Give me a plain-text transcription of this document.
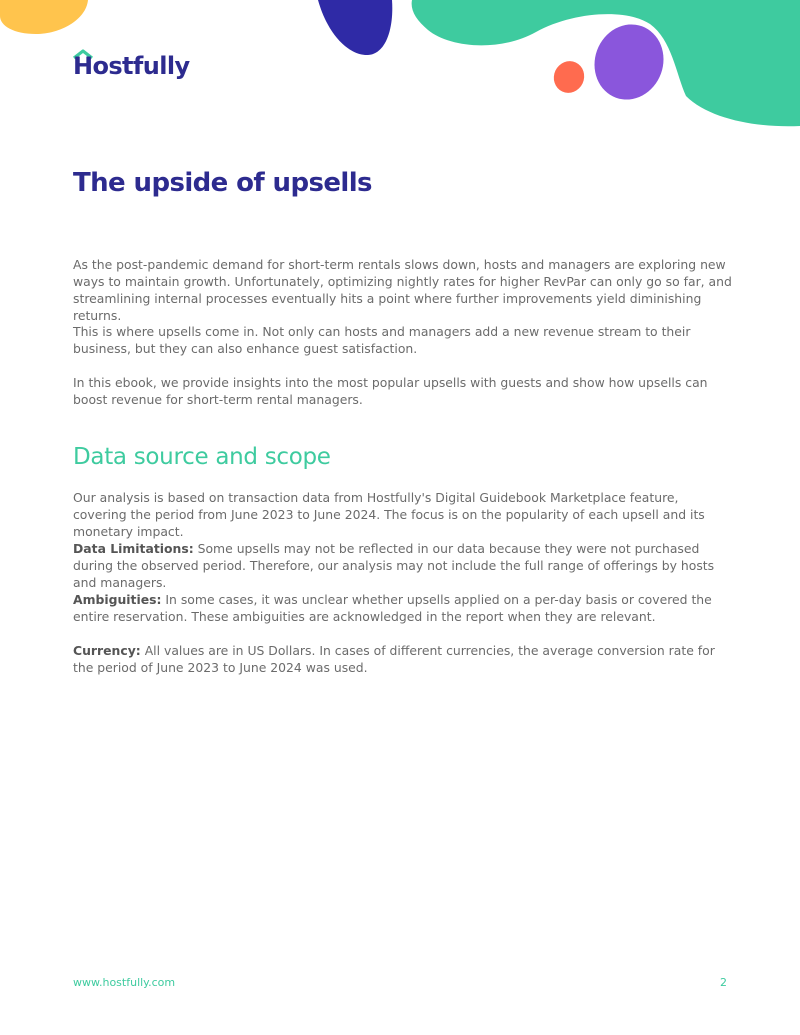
Hostfully
The upside of upsells

As the post-pandemic demand for short-term rentals slows down, hosts and managers are exploring new ways to maintain growth. Unfortunately, optimizing nightly rates for higher RevPar can only go so far, and streamlining internal processes eventually hits a point where further improvements yield diminishing returns.

This is where upsells come in. Not only can hosts and managers add a new revenue stream to their business, but they can also enhance guest satisfaction.

In this ebook, we provide insights into the most popular upsells with guests and show how upsells can boost revenue for short-term rental managers.

Data source and scope

Our analysis is based on transaction data from Hostfully's Digital Guidebook Marketplace feature, covering the period from June 2023 to June 2024. The focus is on the popularity of each upsell and its monetary impact.

Data Limitations: Some upsells may not be reflected in our data because they were not purchased during the observed period. Therefore, our analysis may not include the full range of offerings by hosts and managers.

Ambiguities: In some cases, it was unclear whether upsells applied on a per-day basis or covered the entire reservation. These ambiguities are acknowledged in the report when they are relevant.

Currency: All values are in US Dollars. In cases of different currencies, the average conversion rate for the period of June 2023 to June 2024 was used.

www.hostfully.com	2
